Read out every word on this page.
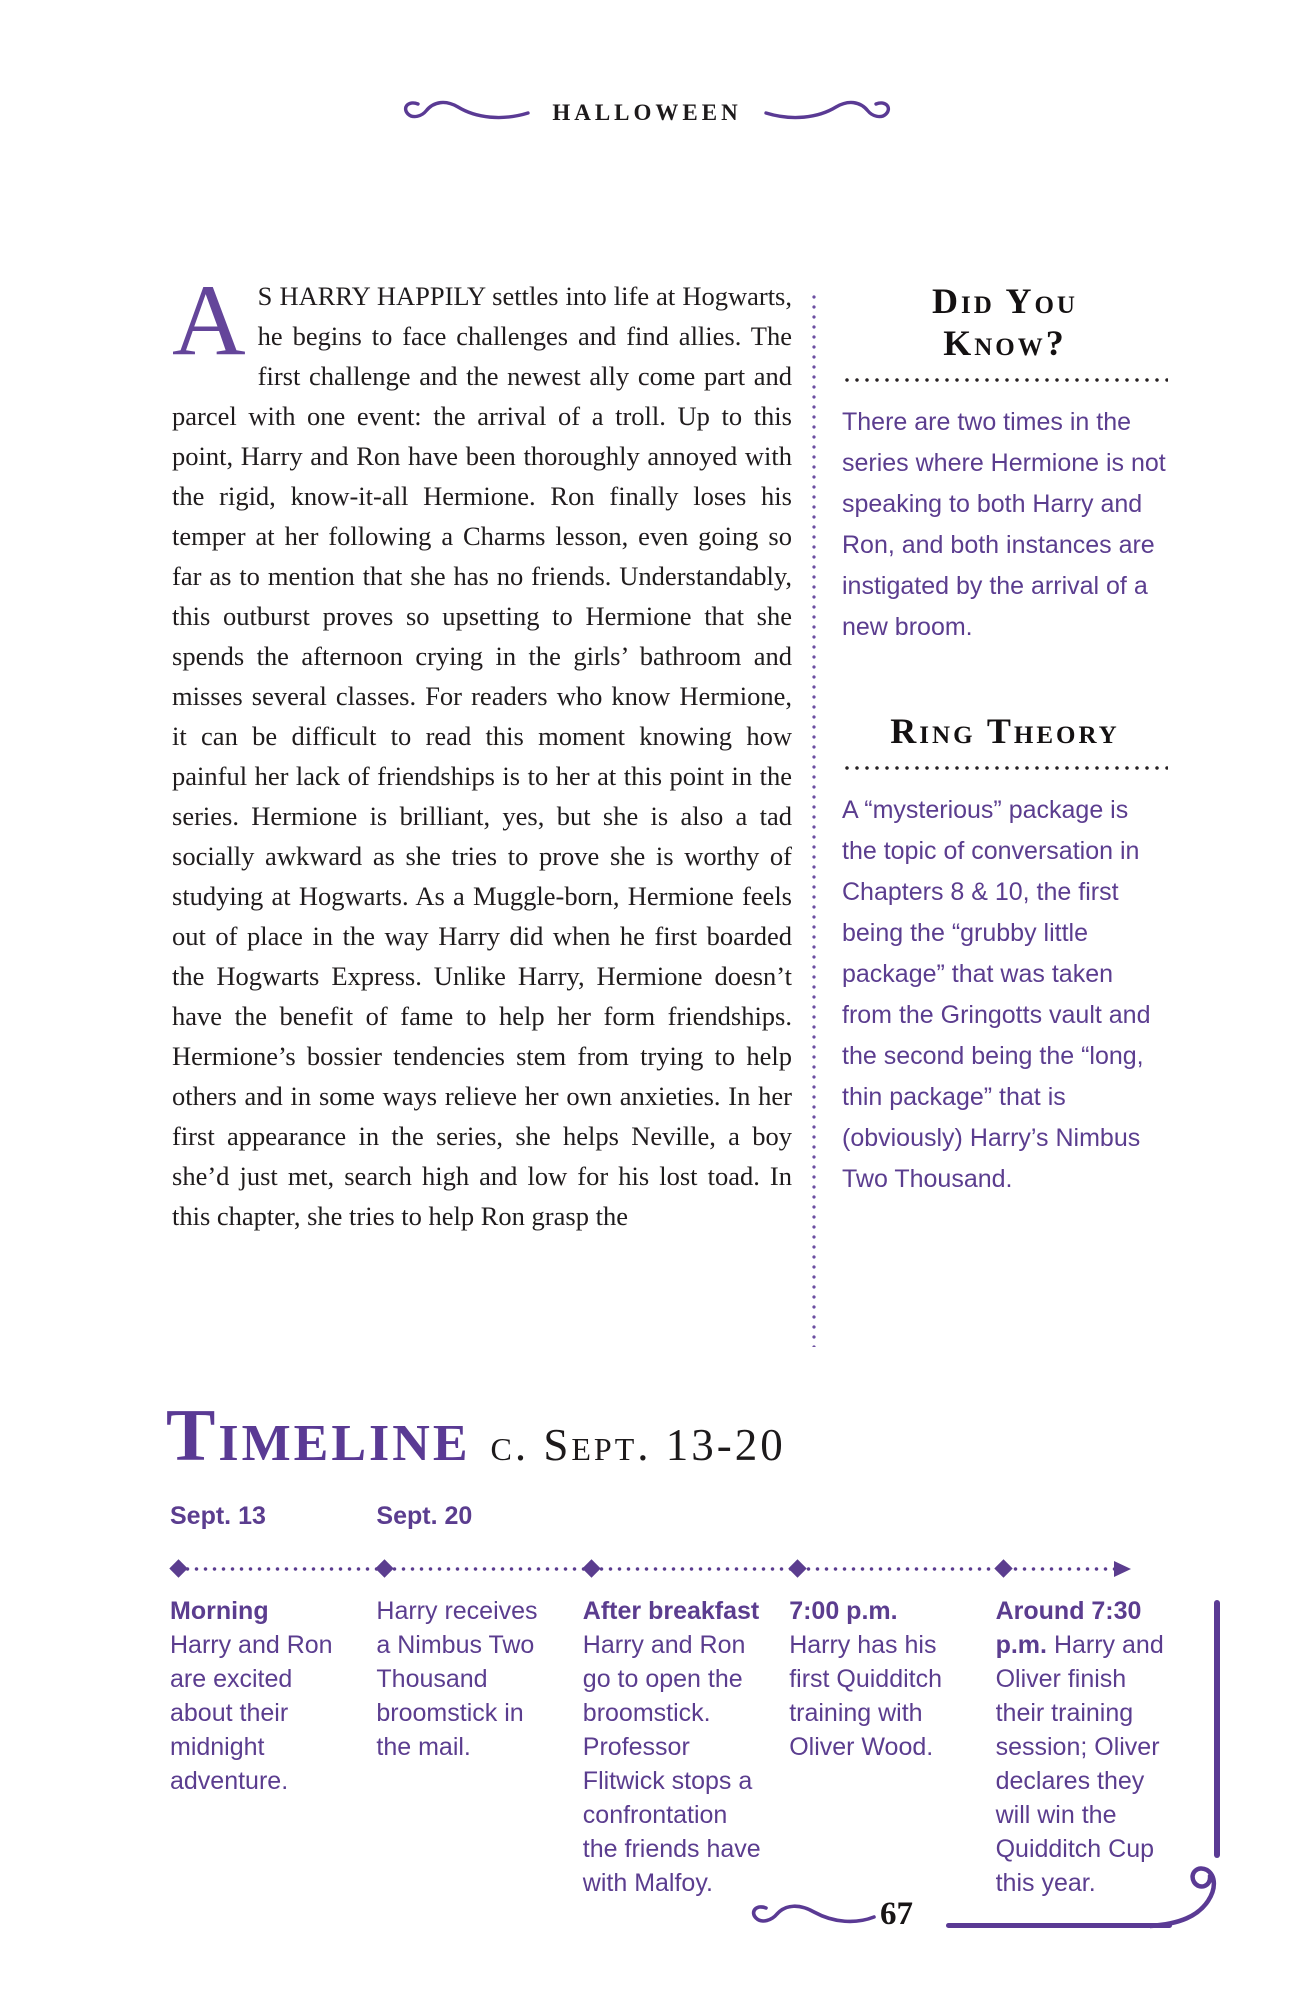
HALLOWEEN
A S HARRY HAPPILY settles into life at Hogwarts, he begins to face challenges and find allies. The first challenge and the newest ally come part and parcel with one event: the arrival of a troll. Up to this point, Harry and Ron have been thoroughly annoyed with the rigid, know-it-all Hermione. Ron finally loses his temper at her following a Charms lesson, even going so far as to mention that she has no friends. Understandably, this outburst proves so upsetting to Hermione that she spends the afternoon crying in the girls’ bathroom and misses several classes. For readers who know Hermione, it can be difficult to read this moment knowing how painful her lack of friendships is to her at this point in the series. Hermione is brilliant, yes, but she is also a tad socially awkward as she tries to prove she is worthy of studying at Hogwarts. As a Muggle-born, Hermione feels out of place in the way Harry did when he first boarded the Hogwarts Express. Unlike Harry, Hermione doesn’t have the benefit of fame to help her form friendships. Hermione’s bossier tendencies stem from trying to help others and in some ways relieve her own anxieties. In her first appearance in the series, she helps Neville, a boy she’d just met, search high and low for his lost toad. In this chapter, she tries to help Ron grasp the
Did You Know?
There are two times in the series where Hermione is not speaking to both Harry and Ron, and both instances are instigated by the arrival of a new broom.
Ring Theory
A “mysterious” package is the topic of conversation in Chapters 8 & 10, the first being the “grubby little package” that was taken from the Gringotts vault and the second being the “long, thin package” that is (obviously) Harry’s Nimbus Two Thousand.
Timeline c. Sept. 13-20
Sept. 13	Sept. 20
Morning
Harry and Ron are excited about their midnight adventure.
Harry receives a Nimbus Two Thousand broomstick in the mail.
After breakfast
Harry and Ron go to open the broomstick. Professor Flitwick stops a confrontation the friends have with Malfoy.
7:00 p.m.
Harry has his first Quidditch training with Oliver Wood.
Around 7:30 p.m. Harry and Oliver finish their training session; Oliver declares they will win the Quidditch Cup this year.
67
